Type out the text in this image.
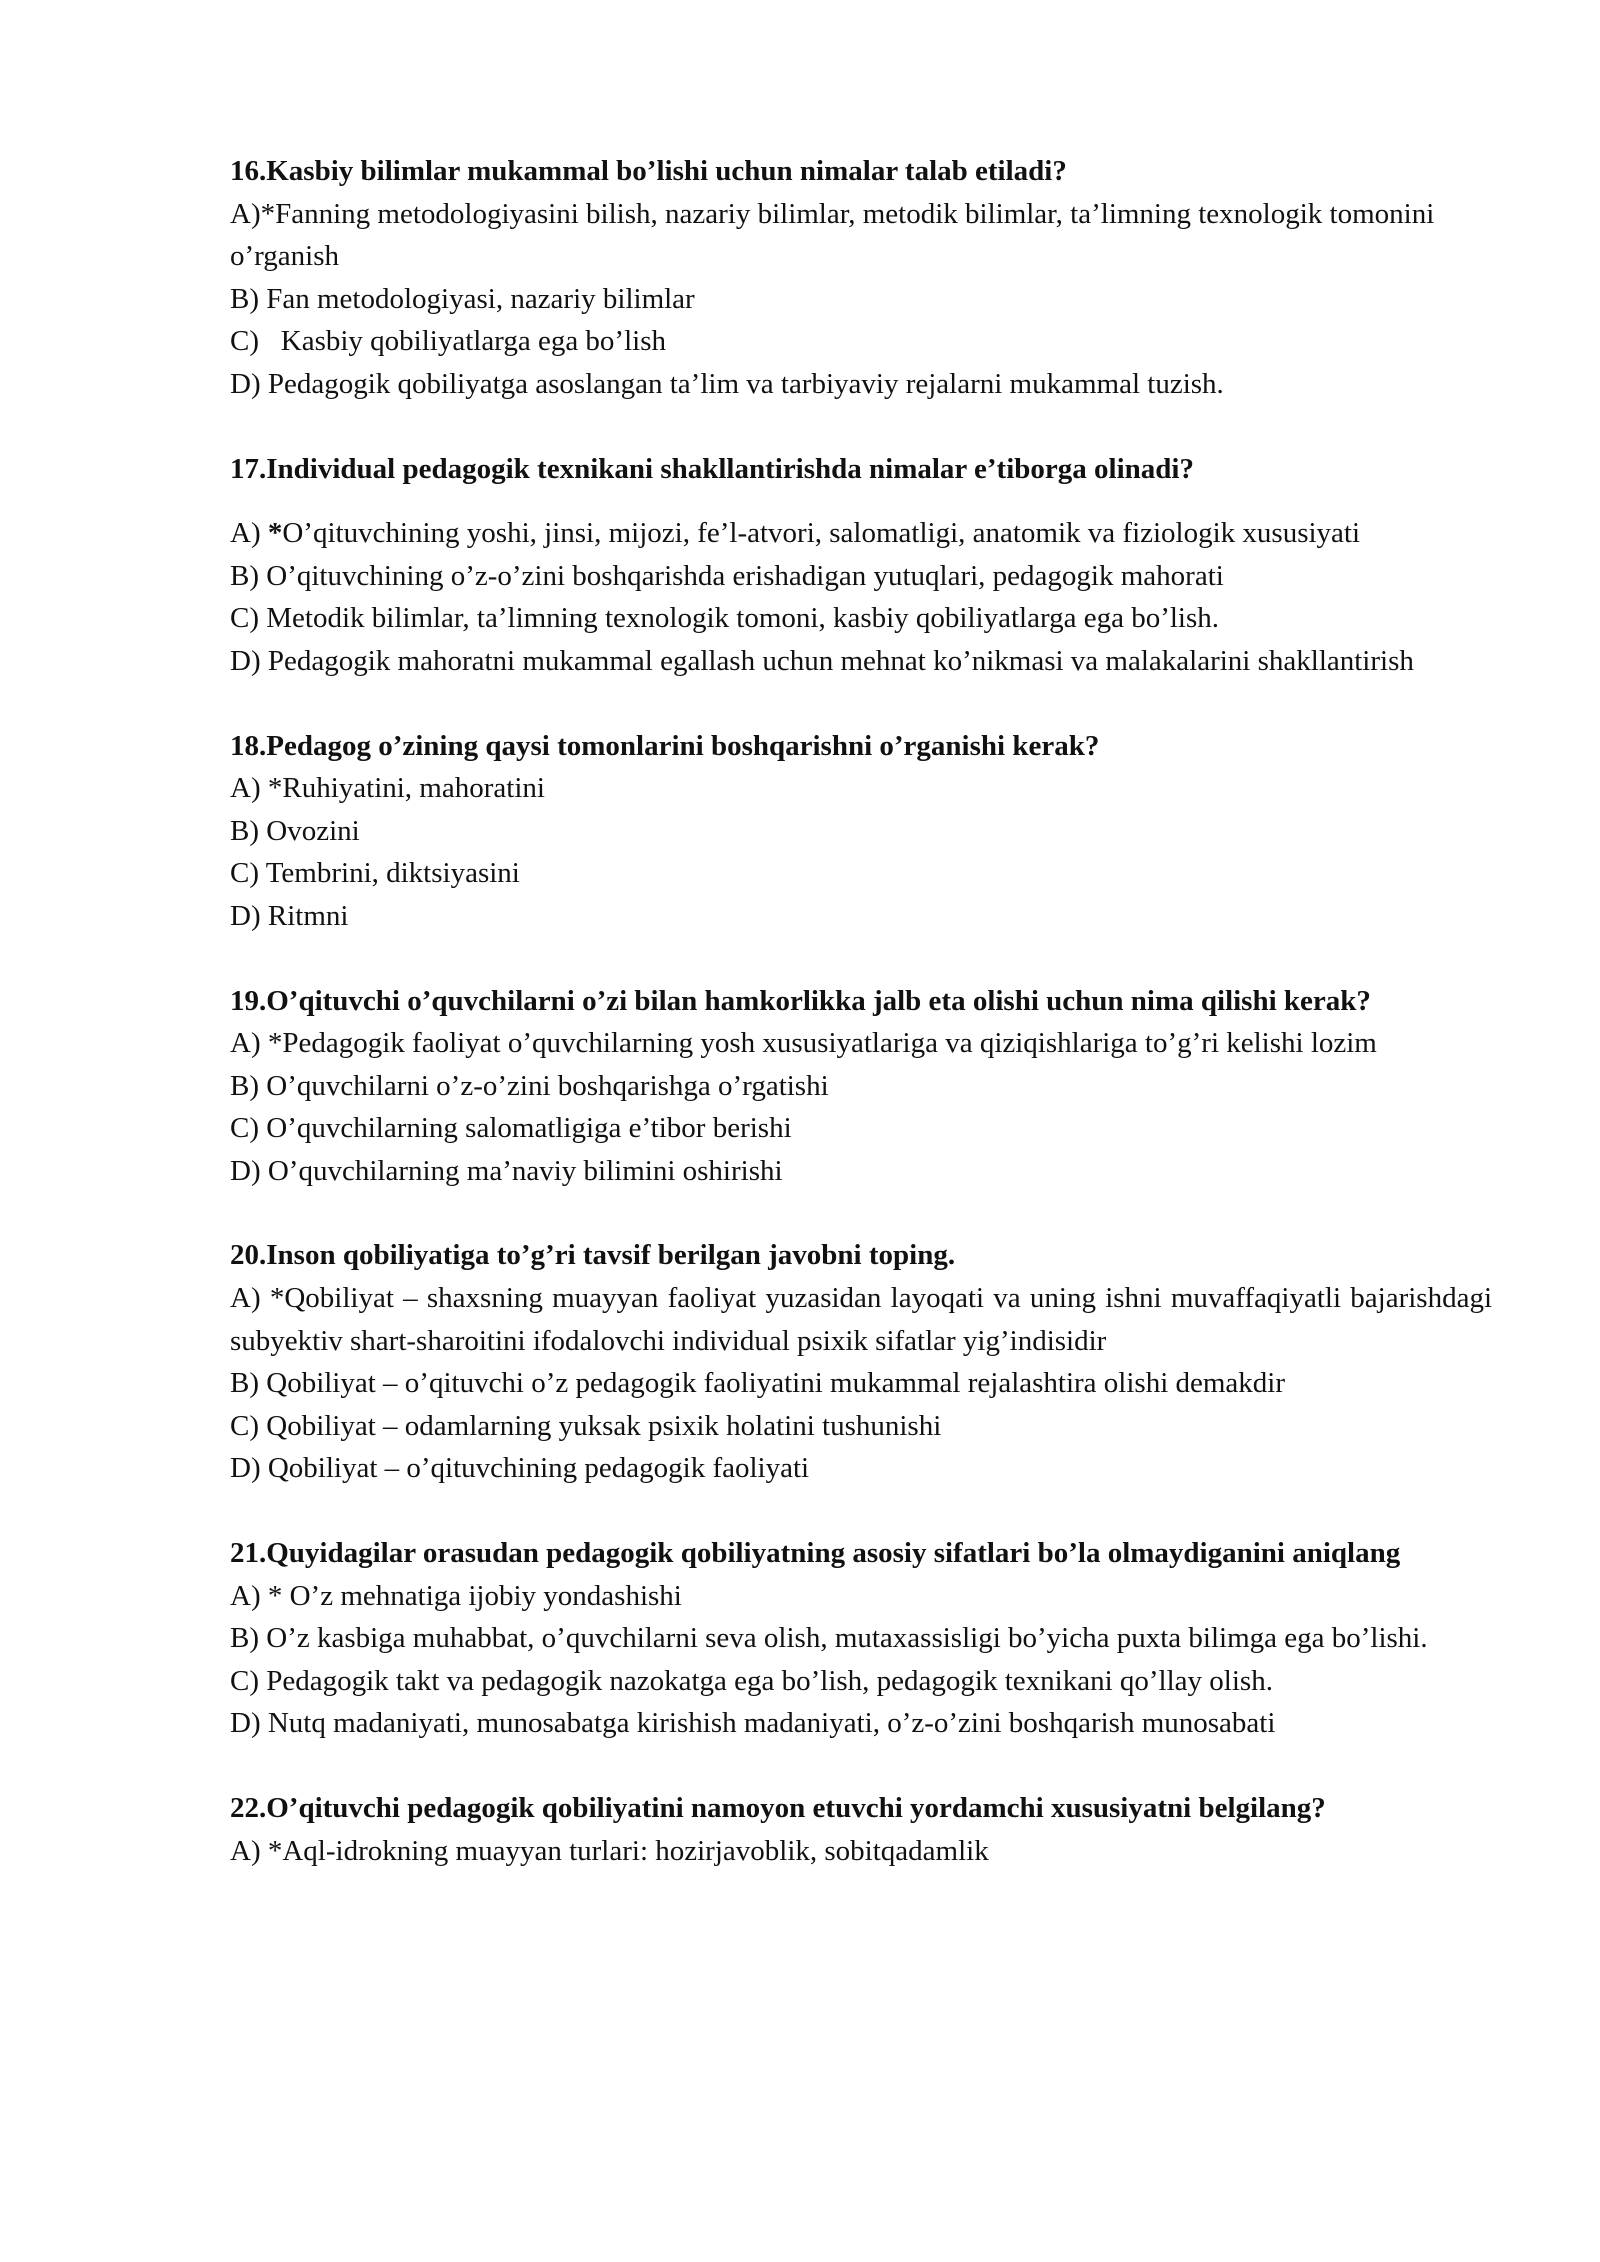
16.Kasbiy bilimlar mukammal bo’lishi uchun nimalar talab etiladi?

A)*Fanning metodologiyasini bilish, nazariy bilimlar, metodik bilimlar, ta’limning texnologik tomonini o’rganish

B) Fan metodologiyasi, nazariy bilimlar

C)   Kasbiy qobiliyatlarga ega bo’lish

D) Pedagogik qobiliyatga asoslangan ta’lim va tarbiyaviy rejalarni mukammal tuzish.

17.Individual pedagogik texnikani shakllantirishda nimalar e’tiborga olinadi?

A) *O’qituvchining yoshi, jinsi, mijozi, fe’l-atvori, salomatligi, anatomik va fiziologik xususiyati

B) O’qituvchining o’z-o’zini boshqarishda erishadigan yutuqlari, pedagogik mahorati

C) Metodik bilimlar, ta’limning texnologik tomoni, kasbiy qobiliyatlarga ega bo’lish.

D) Pedagogik mahoratni mukammal egallash uchun mehnat ko’nikmasi va malakalarini shakllantirish

18.Pedagog o’zining qaysi tomonlarini boshqarishni o’rganishi kerak?

A) *Ruhiyatini, mahoratini

B) Ovozini

C) Tembrini, diktsiyasini

D) Ritmni

19.O’qituvchi o’quvchilarni o’zi bilan hamkorlikka jalb eta olishi uchun nima qilishi kerak?

A) *Pedagogik faoliyat o’quvchilarning yosh xususiyatlariga va qiziqishlariga to’g’ri kelishi lozim

B) O’quvchilarni o’z-o’zini boshqarishga o’rgatishi

C) O’quvchilarning salomatligiga e’tibor berishi

D) O’quvchilarning ma’naviy bilimini oshirishi

20.Inson qobiliyatiga to’g’ri tavsif berilgan javobni toping.

A) *Qobiliyat – shaxsning muayyan faoliyat yuzasidan layoqati va uning ishni muvaffaqiyatli bajarishdagi subyektiv shart-sharoitini ifodalovchi individual psixik sifatlar yig’indisidir

B) Qobiliyat – o’qituvchi o’z pedagogik faoliyatini mukammal rejalashtira olishi demakdir

C) Qobiliyat – odamlarning yuksak psixik holatini tushunishi

D) Qobiliyat – o’qituvchining pedagogik faoliyati

21.Quyidagilar orasudan pedagogik qobiliyatning asosiy sifatlari bo’la olmaydiganini aniqlang

A) * O’z mehnatiga ijobiy yondashishi

B) O’z kasbiga muhabbat, o’quvchilarni seva olish, mutaxassisligi bo’yicha puxta bilimga ega bo’lishi.

C) Pedagogik takt va pedagogik nazokatga ega bo’lish, pedagogik texnikani qo’llay olish.

D) Nutq madaniyati, munosabatga kirishish madaniyati, o’z-o’zini boshqarish munosabati

22.O’qituvchi pedagogik qobiliyatini namoyon etuvchi yordamchi xususiyatni belgilang?

A) *Aql-idrokning muayyan turlari: hozirjavoblik, sobitqadamlik
